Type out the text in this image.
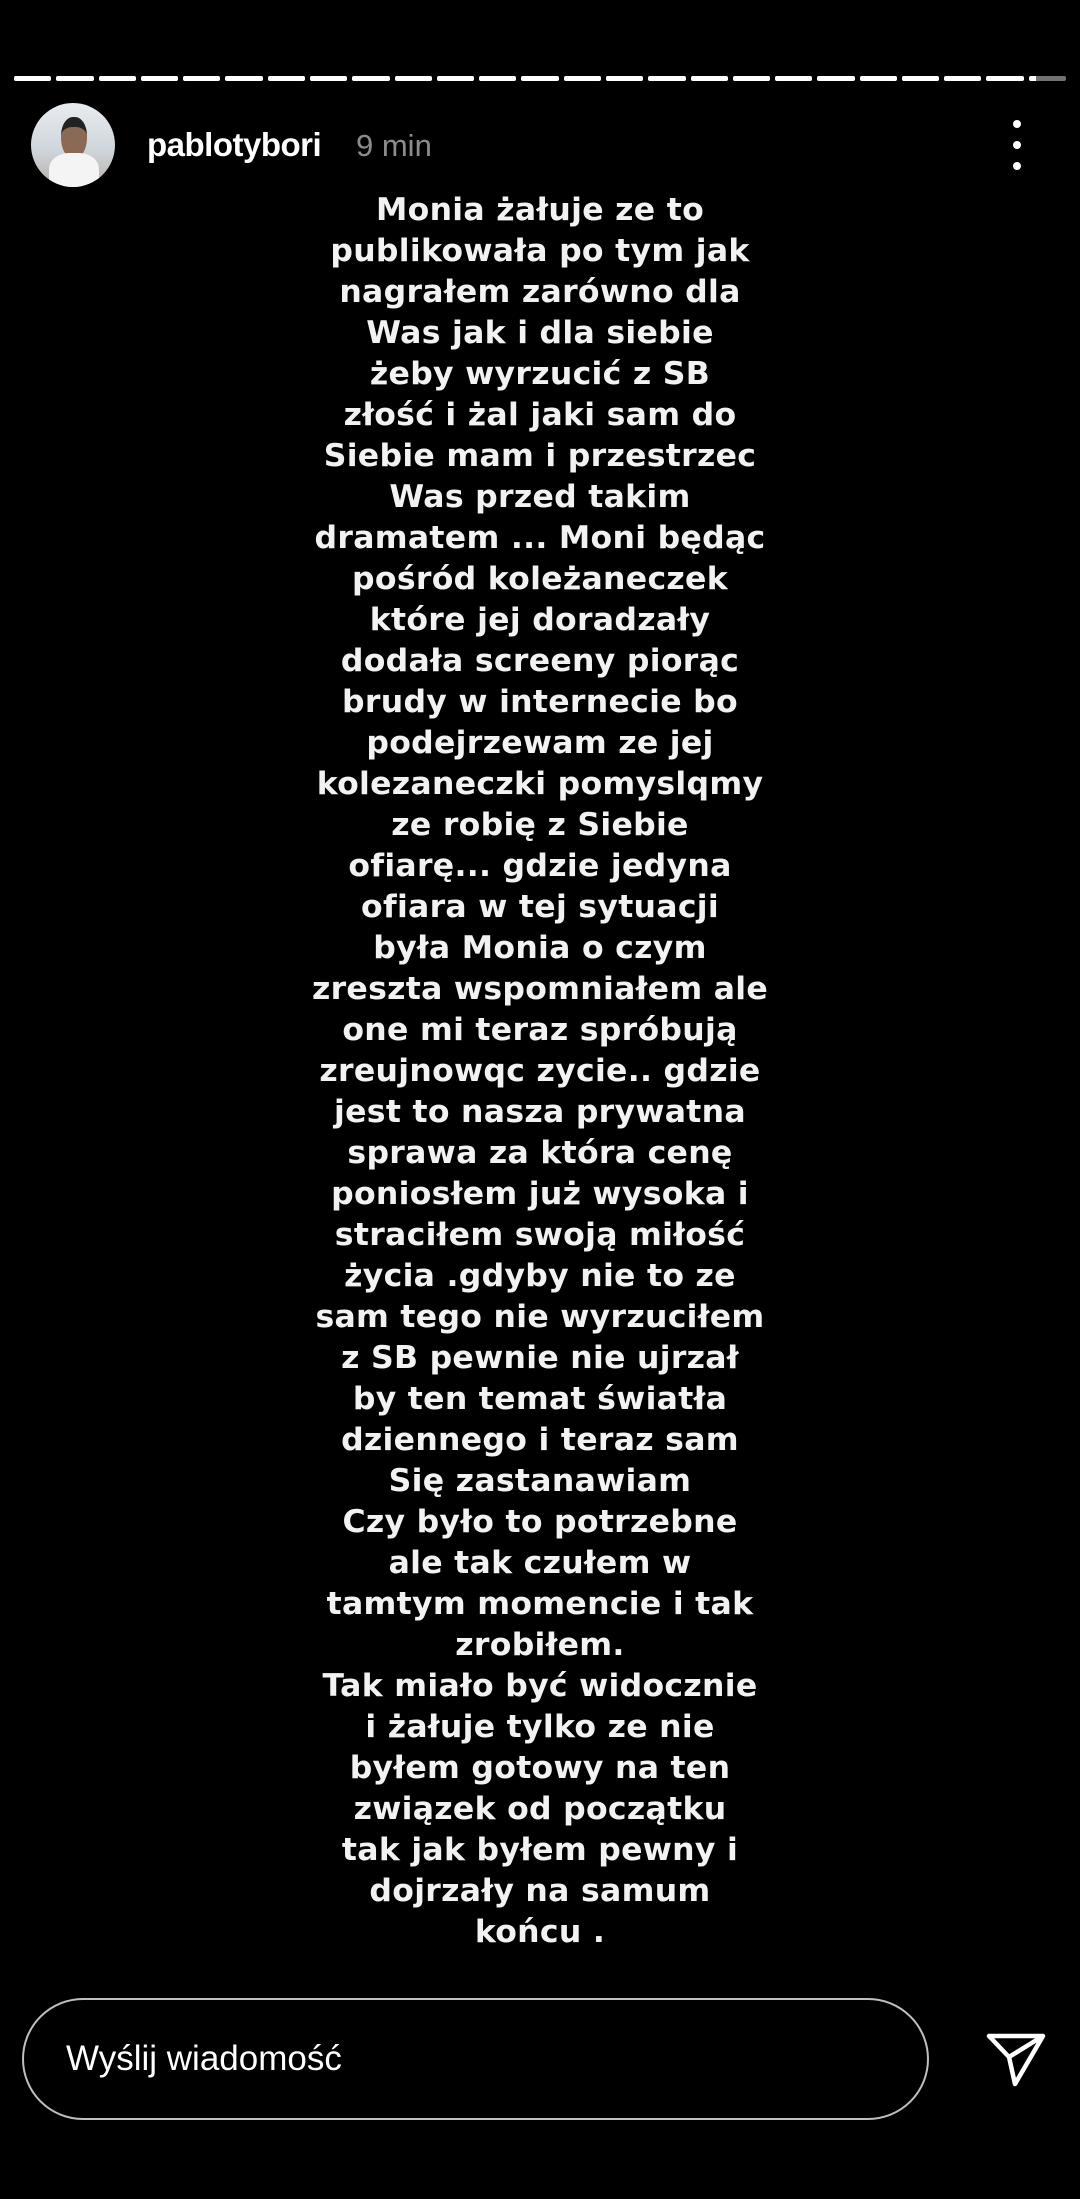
pablotybori 9 min
Monia żałuje ze to
publikowała po tym jak
nagrałem zarówno dla
Was jak i dla siebie
żeby wyrzucić z SB
złość i żal jaki sam do
Siebie mam i przestrzec
Was przed takim
dramatem ... Moni będąc
pośród koleżaneczek
które jej doradzały
dodała screeny piorąc
brudy w internecie bo
podejrzewam ze jej
kolezaneczki pomyslqmy
ze robię z Siebie
ofiarę... gdzie jedyna
ofiara w tej sytuacji
była Monia o czym
zreszta wspomniałem ale
one mi teraz spróbują
zreujnowqc zycie.. gdzie
jest to nasza prywatna
sprawa za która cenę
poniosłem już wysoka i
straciłem swoją miłość
życia .gdyby nie to ze
sam tego nie wyrzuciłem
z SB pewnie nie ujrzał
by ten temat światła
dziennego i teraz sam
Się zastanawiam
Czy było to potrzebne
ale tak czułem w
tamtym momencie i tak
zrobiłem.
Tak miało być widocznie
i żałuje tylko ze nie
byłem gotowy na ten
związek od początku
tak jak byłem pewny i
dojrzały na samum
końcu .
Wyślij wiadomość
